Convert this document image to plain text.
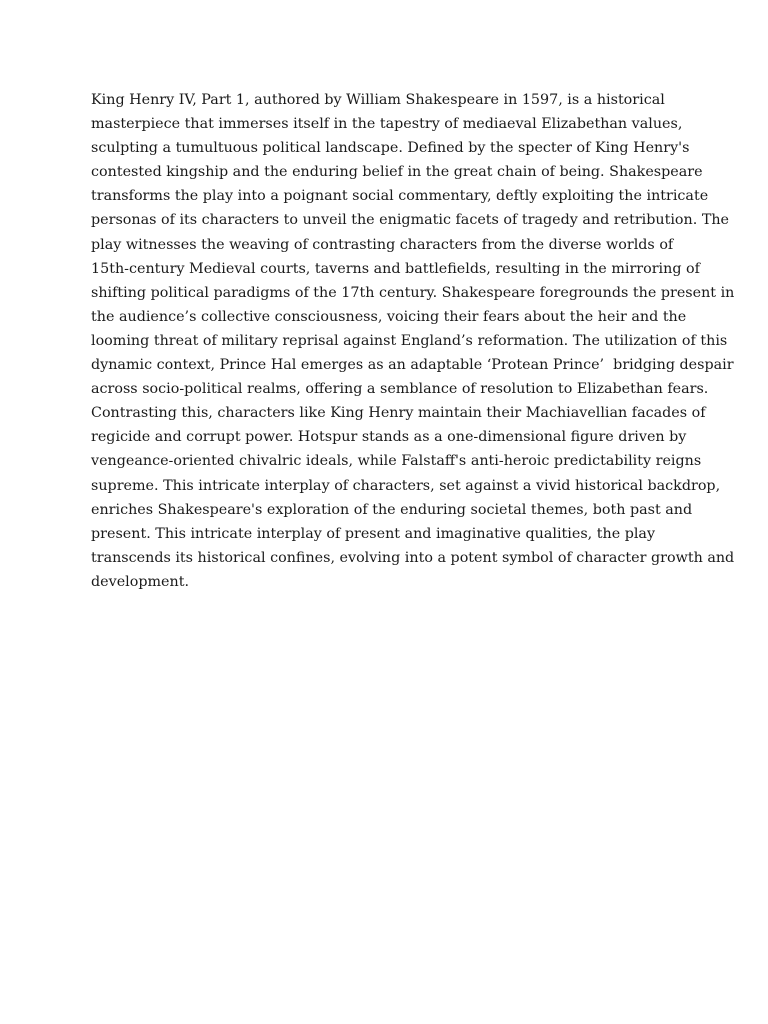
King Henry IV, Part 1, authored by William Shakespeare in 1597, is a historical
masterpiece that immerses itself in the tapestry of mediaeval Elizabethan values,
sculpting a tumultuous political landscape. Defined by the specter of King Henry's
contested kingship and the enduring belief in the great chain of being. Shakespeare
transforms the play into a poignant social commentary, deftly exploiting the intricate
personas of its characters to unveil the enigmatic facets of tragedy and retribution. The
play witnesses the weaving of contrasting characters from the diverse worlds of
15th-century Medieval courts, taverns and battlefields, resulting in the mirroring of
shifting political paradigms of the 17th century. Shakespeare foregrounds the present in
the audience’s collective consciousness, voicing their fears about the heir and the
looming threat of military reprisal against England’s reformation. The utilization of this
dynamic context, Prince Hal emerges as an adaptable ‘Protean Prince’  bridging despair
across socio-political realms, offering a semblance of resolution to Elizabethan fears.
Contrasting this, characters like King Henry maintain their Machiavellian facades of
regicide and corrupt power. Hotspur stands as a one-dimensional figure driven by
vengeance-oriented chivalric ideals, while Falstaff's anti-heroic predictability reigns
supreme. This intricate interplay of characters, set against a vivid historical backdrop,
enriches Shakespeare's exploration of the enduring societal themes, both past and
present. This intricate interplay of present and imaginative qualities, the play
transcends its historical confines, evolving into a potent symbol of character growth and
development.
